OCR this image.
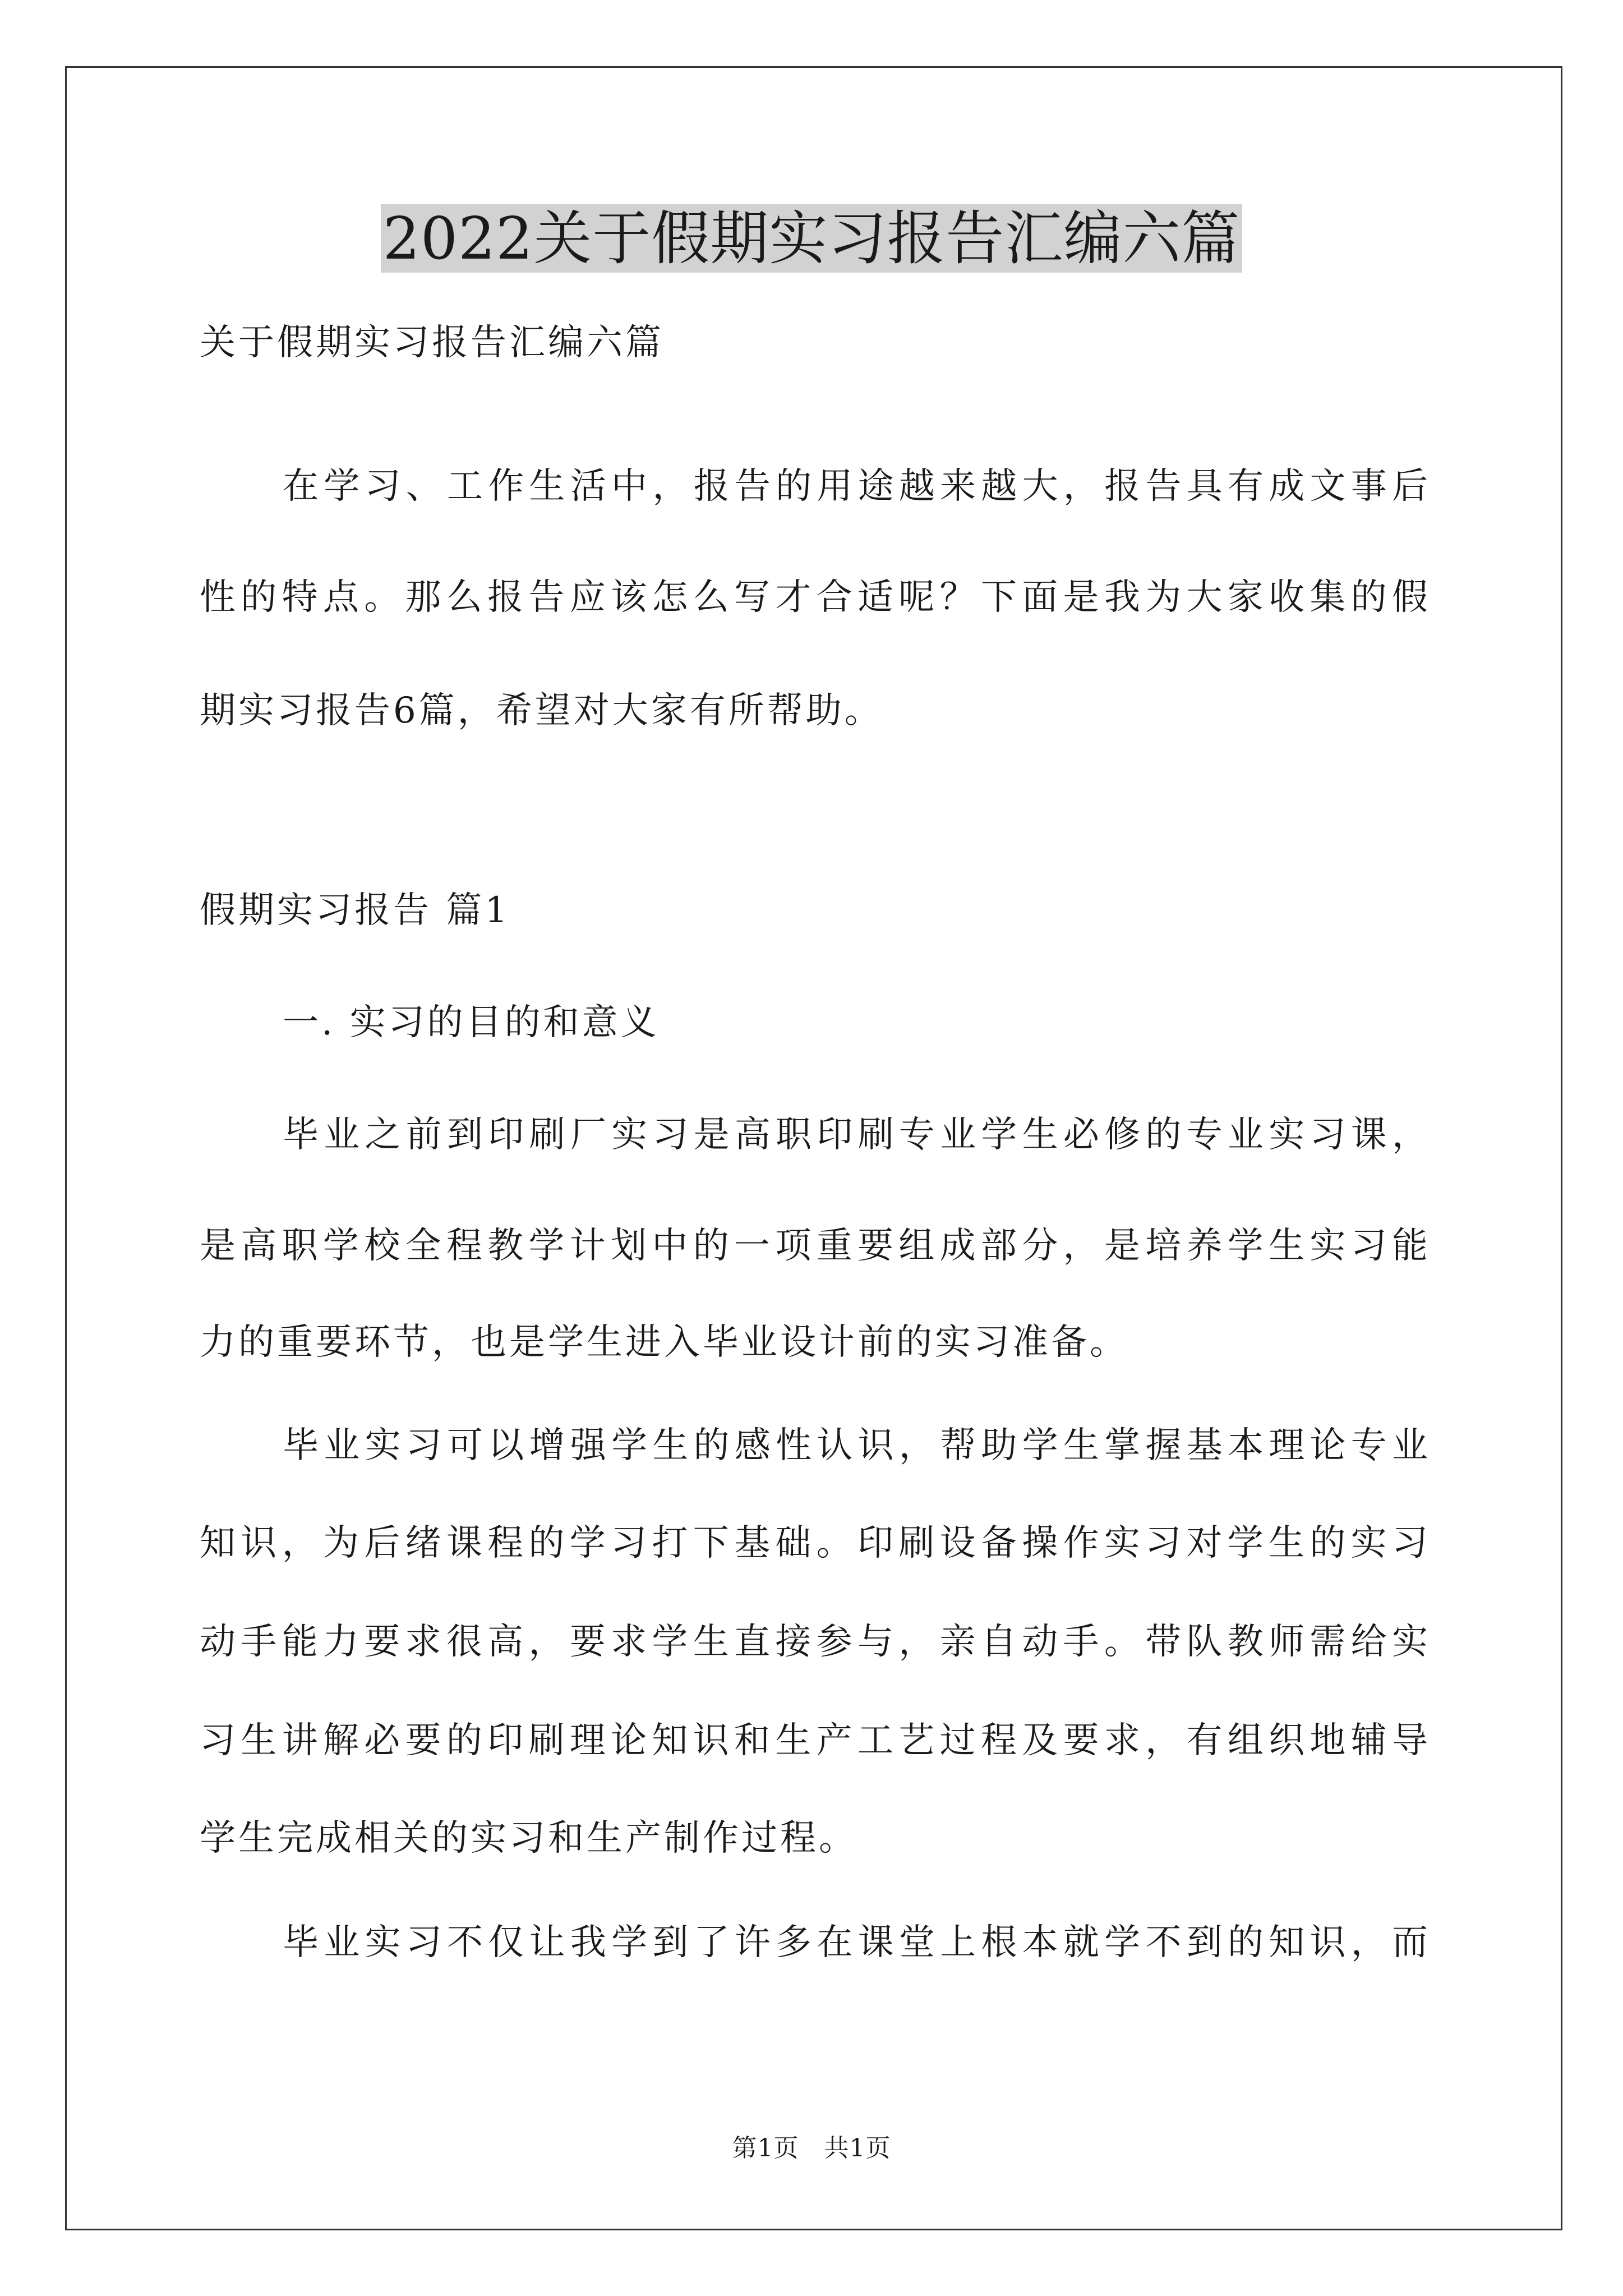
2022关于假期实习报告汇编六篇
关于假期实习报告汇编六篇
在学习、工作生活中，报告的用途越来越大，报告具有成文事后
性的特点。那么报告应该怎么写才合适呢？下面是我为大家收集的假
期实习报告6篇，希望对大家有所帮助。
假期实习报告 篇1
一. 实习的目的和意义
毕业之前到印刷厂实习是高职印刷专业学生必修的专业实习课，
是高职学校全程教学计划中的一项重要组成部分，是培养学生实习能
力的重要环节，也是学生进入毕业设计前的实习准备。
毕业实习可以增强学生的感性认识，帮助学生掌握基本理论专业
知识，为后绪课程的学习打下基础。印刷设备操作实习对学生的实习
动手能力要求很高，要求学生直接参与，亲自动手。带队教师需给实
习生讲解必要的印刷理论知识和生产工艺过程及要求，有组织地辅导
学生完成相关的实习和生产制作过程。
毕业实习不仅让我学到了许多在课堂上根本就学不到的知识，而
第1页　共1页
